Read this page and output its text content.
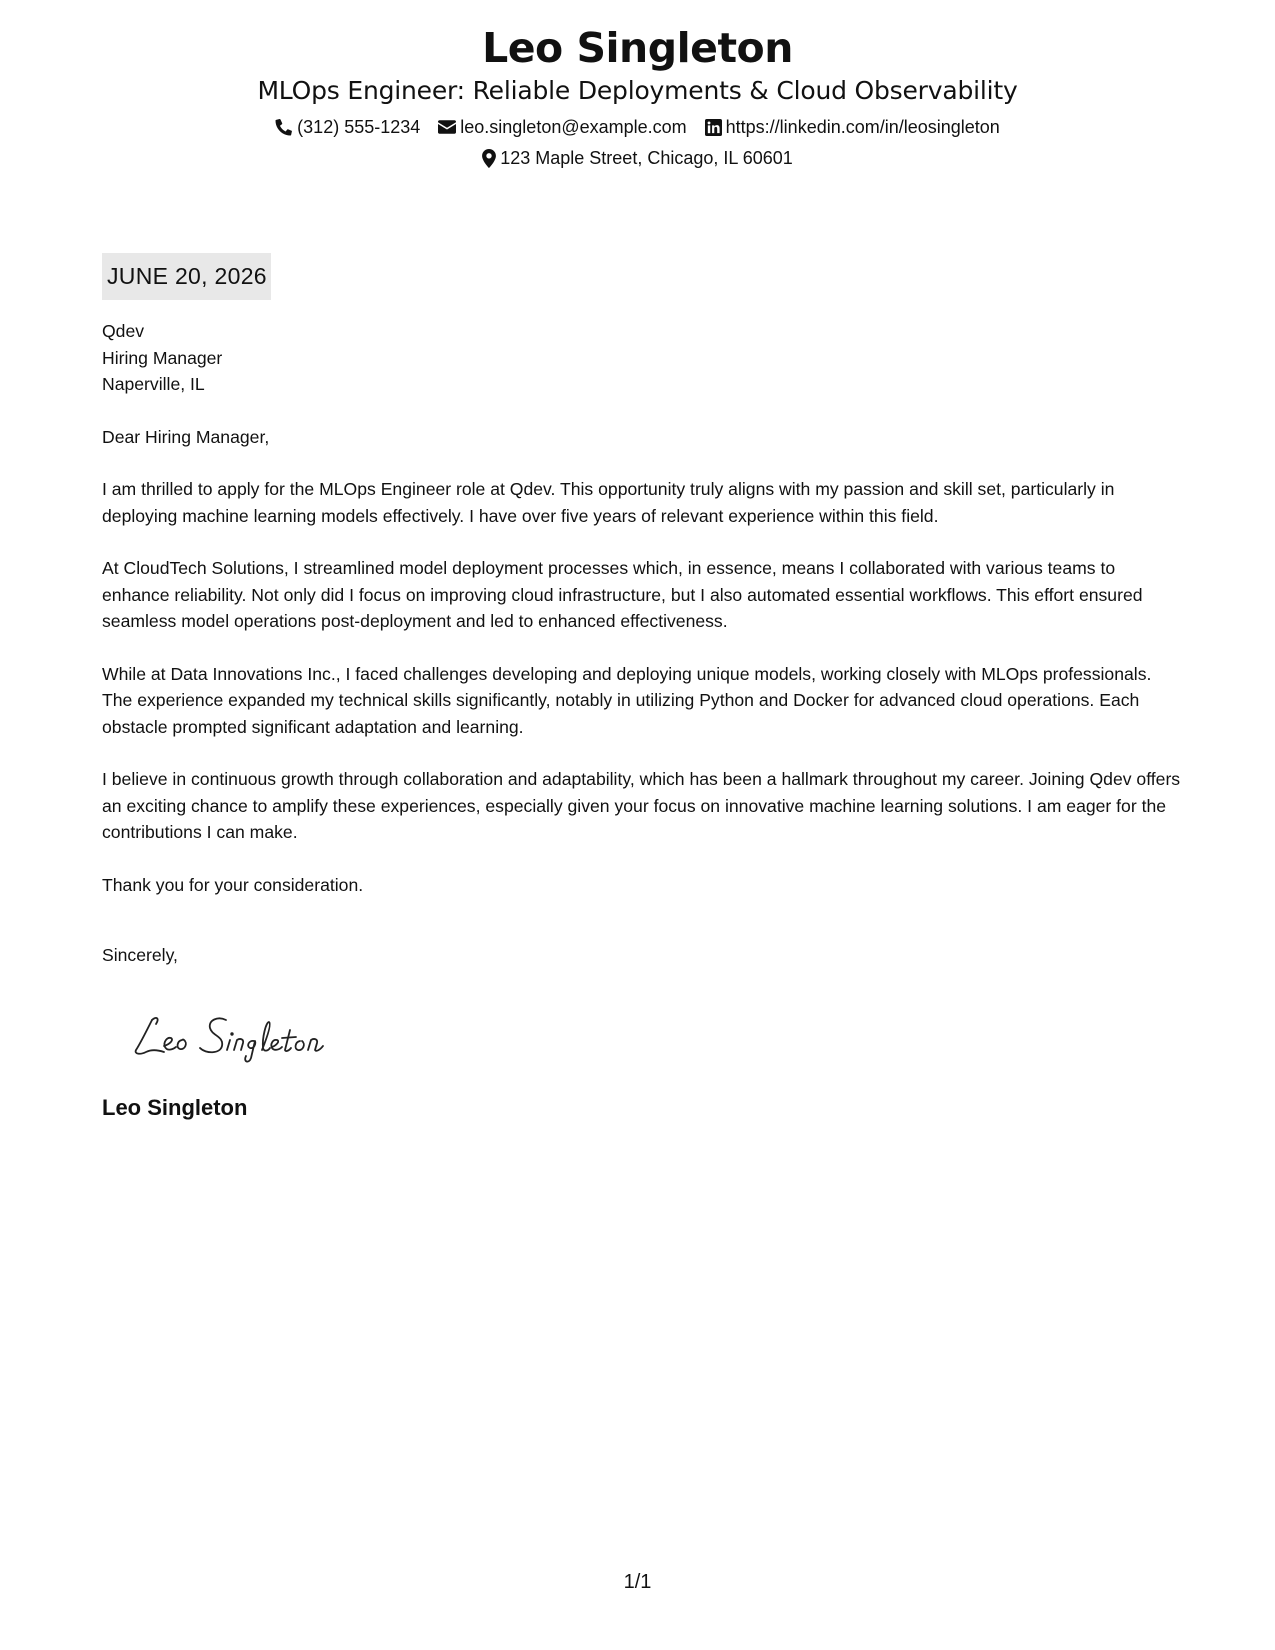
Leo Singleton

MLOps Engineer: Reliable Deployments & Cloud Observability

(312) 555-1234 leo.singleton@example.com https://linkedin.com/in/leosingleton
123 Maple Street, Chicago, IL 60601
JUNE 20, 2026
Qdev
Hiring Manager
Naperville, IL
Dear Hiring Manager,

I am thrilled to apply for the MLOps Engineer role at Qdev. This opportunity truly aligns with my passion and skill set, particularly in deploying machine learning models effectively. I have over five years of relevant experience within this field.

At CloudTech Solutions, I streamlined model deployment processes which, in essence, means I collaborated with various teams to enhance reliability. Not only did I focus on improving cloud infrastructure, but I also automated essential workflows. This effort ensured seamless model operations post-deployment and led to enhanced effectiveness.

While at Data Innovations Inc., I faced challenges developing and deploying unique models, working closely with MLOps professionals. The experience expanded my technical skills significantly, notably in utilizing Python and Docker for advanced cloud operations. Each obstacle prompted significant adaptation and learning.

I believe in continuous growth through collaboration and adaptability, which has been a hallmark throughout my career. Joining Qdev offers an exciting chance to amplify these experiences, especially given your focus on innovative machine learning solutions. I am eager for the contributions I can make.

Thank you for your consideration.
Sincerely,
Leo Singleton
1/1
